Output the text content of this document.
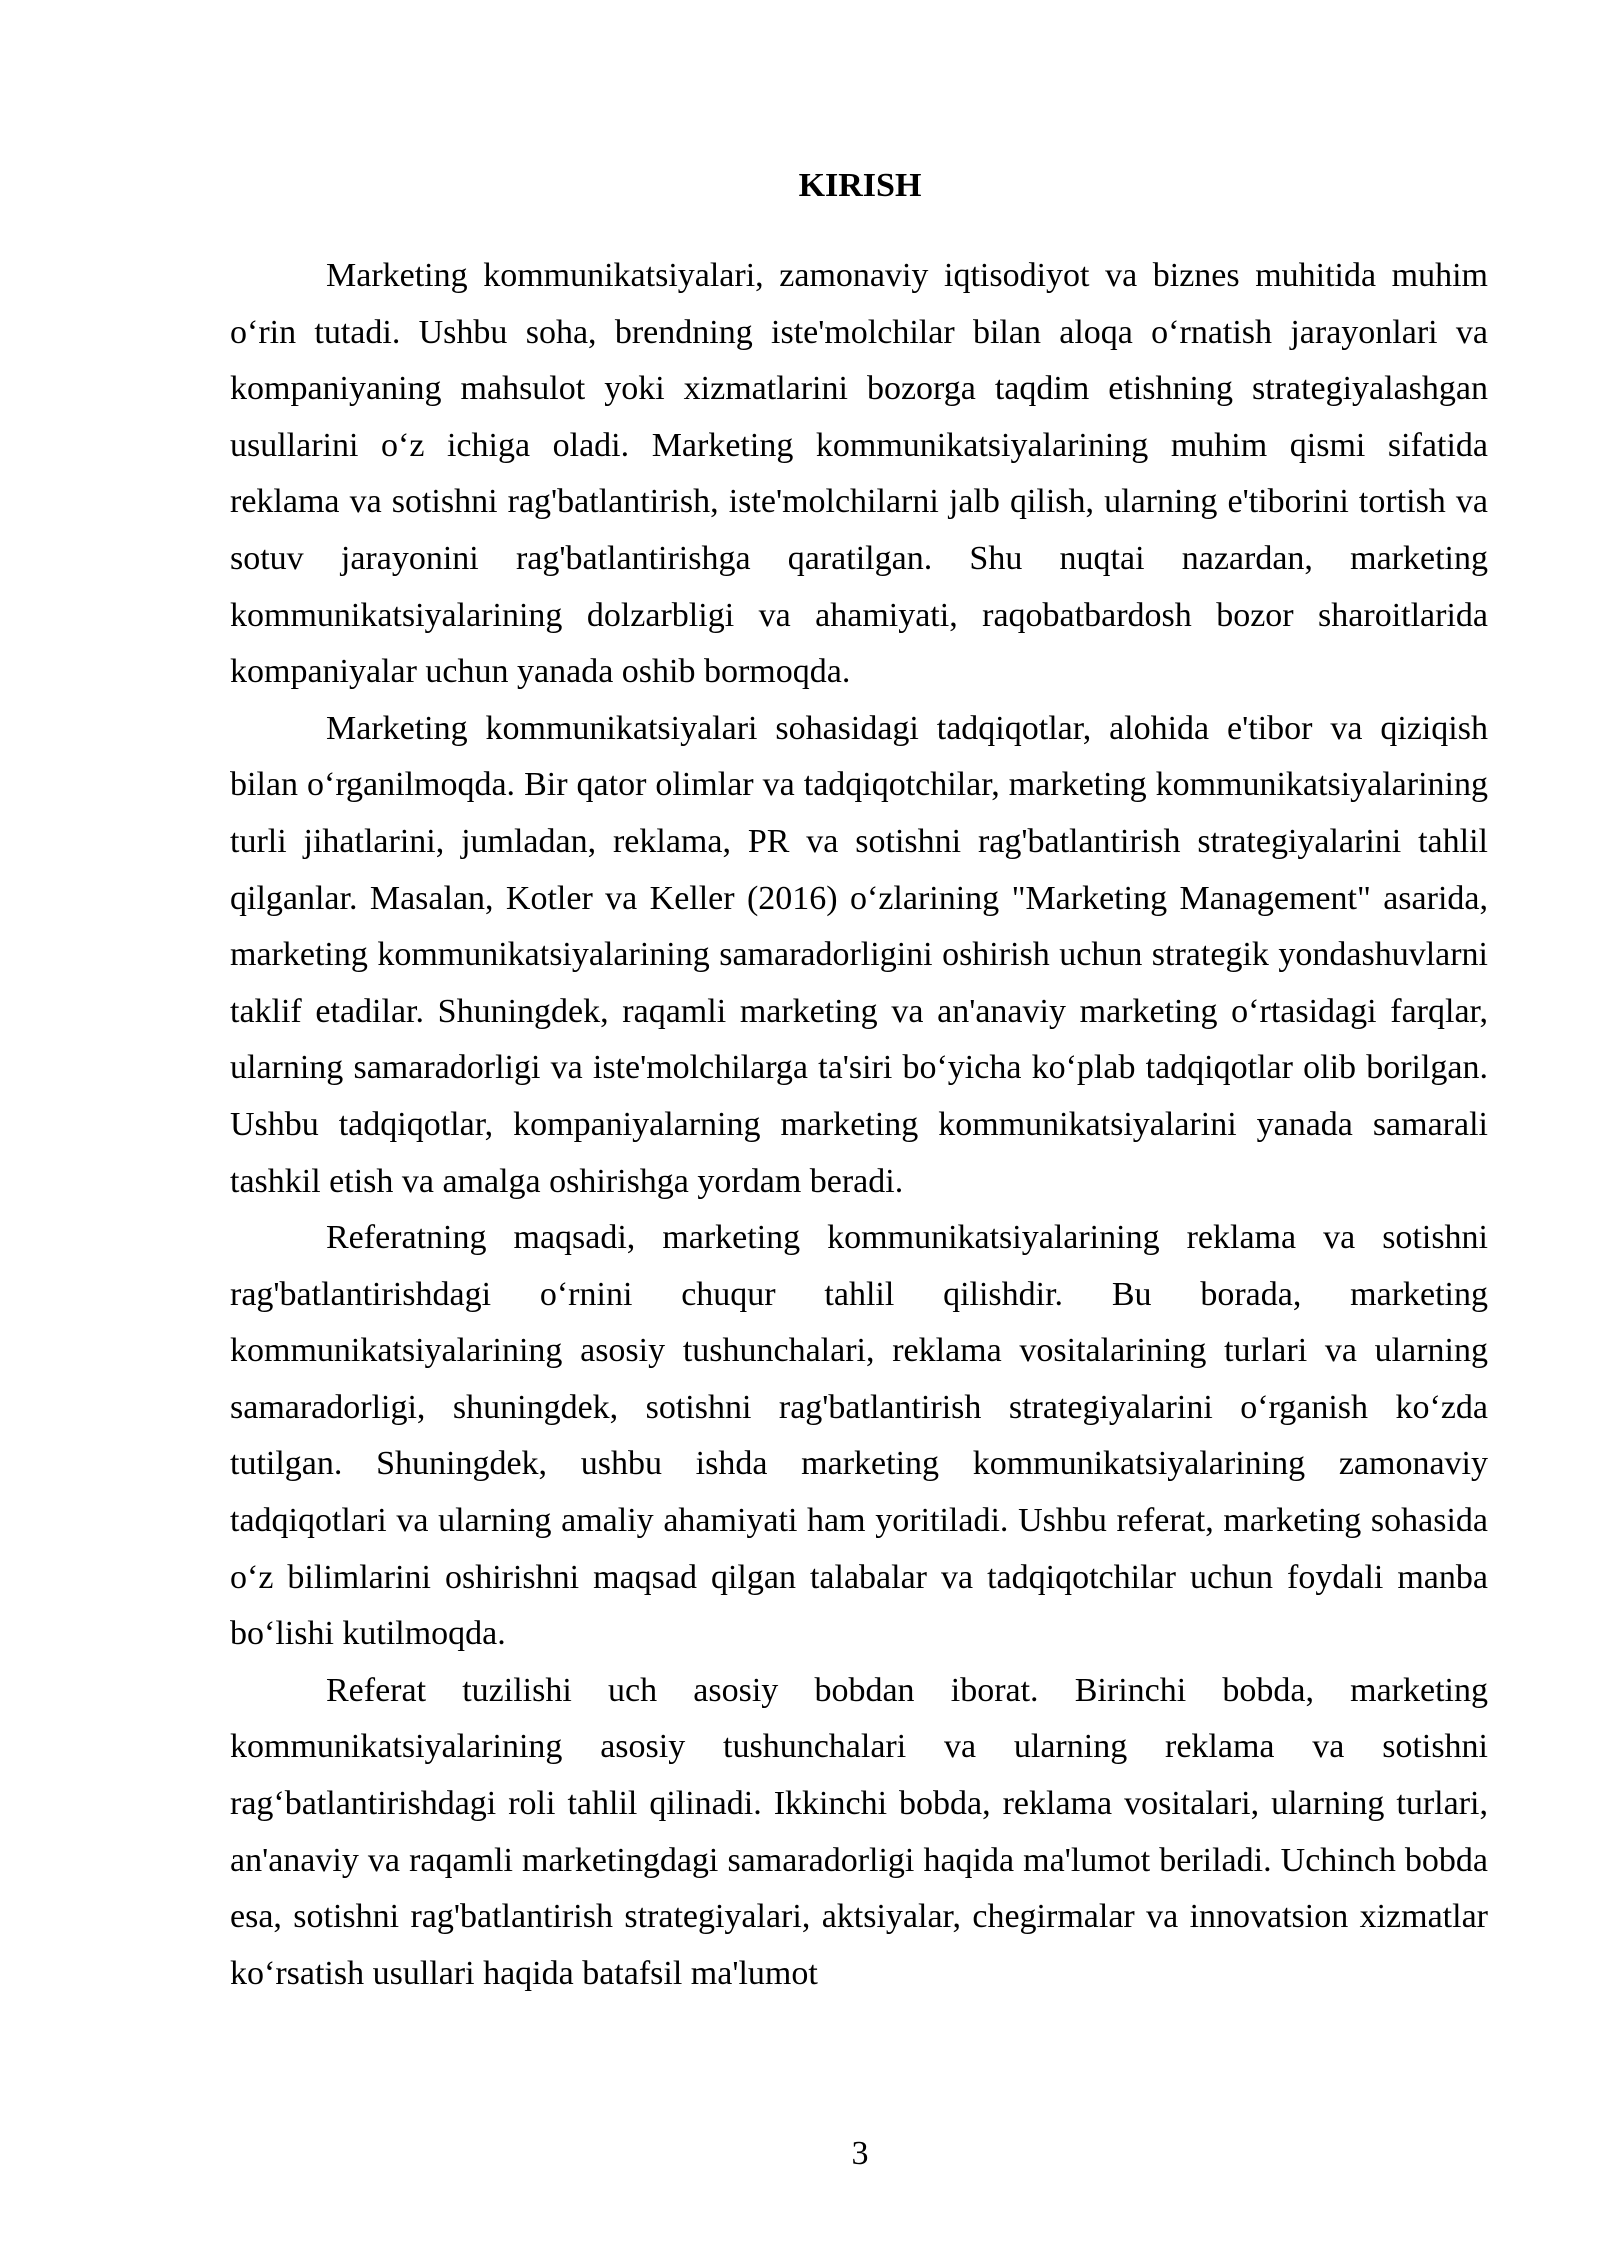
KIRISH

Marketing kommunikatsiyalari, zamonaviy iqtisodiyot va biznes muhitida muhim o‘rin tutadi. Ushbu soha, brendning iste'molchilar bilan aloqa o‘rnatish jarayonlari va kompaniyaning mahsulot yoki xizmatlarini bozorga taqdim etishning strategiyalashgan usullarini o‘z ichiga oladi. Marketing kommunikatsiyalarining muhim qismi sifatida reklama va sotishni rag'batlantirish, iste'molchilarni jalb qilish, ularning e'tiborini tortish va sotuv jarayonini rag'batlantirishga qaratilgan. Shu nuqtai nazardan, marketing kommunikatsiyalarining dolzarbligi va ahamiyati, raqobatbardosh bozor sharoitlarida kompaniyalar uchun yanada oshib bormoqda.

Marketing kommunikatsiyalari sohasidagi tadqiqotlar, alohida e'tibor va qiziqish bilan o‘rganilmoqda. Bir qator olimlar va tadqiqotchilar, marketing kommunikatsiyalarining turli jihatlarini, jumladan, reklama, PR va sotishni rag'batlantirish strategiyalarini tahlil qilganlar. Masalan, Kotler va Keller (2016) o‘zlarining "Marketing Management" asarida, marketing kommunikatsiyalarining samaradorligini oshirish uchun strategik yondashuvlarni taklif etadilar. Shuningdek, raqamli marketing va an'anaviy marketing o‘rtasidagi farqlar, ularning samaradorligi va iste'molchilarga ta'siri bo‘yicha ko‘plab tadqiqotlar olib borilgan. Ushbu tadqiqotlar, kompaniyalarning marketing kommunikatsiyalarini yanada samarali tashkil etish va amalga oshirishga yordam beradi.

Referatning maqsadi, marketing kommunikatsiyalarining reklama va sotishni rag'batlantirishdagi o‘rnini chuqur tahlil qilishdir. Bu borada, marketing kommunikatsiyalarining asosiy tushunchalari, reklama vositalarining turlari va ularning samaradorligi, shuningdek, sotishni rag'batlantirish strategiyalarini o‘rganish ko‘zda tutilgan. Shuningdek, ushbu ishda marketing kommunikatsiyalarining zamonaviy tadqiqotlari va ularning amaliy ahamiyati ham yoritiladi. Ushbu referat, marketing sohasida o‘z bilimlarini oshirishni maqsad qilgan talabalar va tadqiqotchilar uchun foydali manba bo‘lishi kutilmoqda.

Referat tuzilishi uch asosiy bobdan iborat. Birinchi bobda, marketing kommunikatsiyalarining asosiy tushunchalari va ularning reklama va sotishni rag‘batlantirishdagi roli tahlil qilinadi. Ikkinchi bobda, reklama vositalari, ularning turlari, an'anaviy va raqamli marketingdagi samaradorligi haqida ma'lumot beriladi. Uchinch bobda esa, sotishni rag'batlantirish strategiyalari, aktsiyalar, chegirmalar va innovatsion xizmatlar ko‘rsatish usullari haqida batafsil ma'lumot

3
